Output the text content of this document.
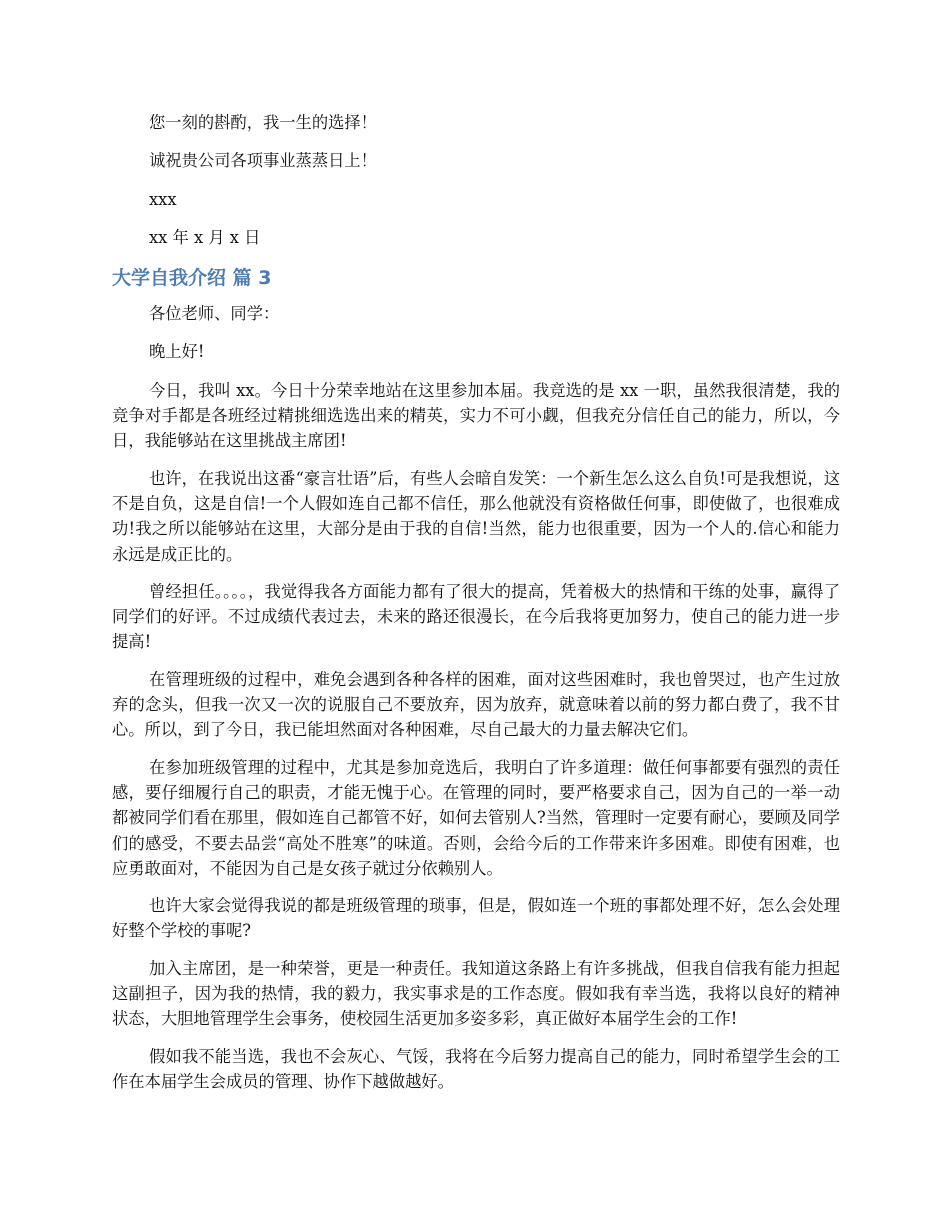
您一刻的斟酌，我一生的选择！

诚祝贵公司各项事业蒸蒸日上！

xxx

xx 年 x 月 x 日

大学自我介绍 篇 3

各位老师、同学：

晚上好!

今日，我叫 xx。今日十分荣幸地站在这里参加本届。我竞选的是 xx 一职，虽然我很清楚，我的竞争对手都是各班经过精挑细选选出来的精英，实力不可小觑，但我充分信任自己的能力，所以，今日，我能够站在这里挑战主席团!

也许，在我说出这番“豪言壮语”后，有些人会暗自发笑：一个新生怎么这么自负!可是我想说，这不是自负，这是自信!一个人假如连自己都不信任，那么他就没有资格做任何事，即使做了，也很难成功!我之所以能够站在这里，大部分是由于我的自信!当然，能力也很重要，因为一个人的.信心和能力永远是成正比的。

曾经担任。。。。，我觉得我各方面能力都有了很大的提高，凭着极大的热情和干练的处事，赢得了同学们的好评。不过成绩代表过去，未来的路还很漫长，在今后我将更加努力，使自己的能力进一步提高!

在管理班级的过程中，难免会遇到各种各样的困难，面对这些困难时，我也曾哭过，也产生过放弃的念头，但我一次又一次的说服自己不要放弃，因为放弃，就意味着以前的努力都白费了，我不甘心。所以，到了今日，我已能坦然面对各种困难，尽自己最大的力量去解决它们。

在参加班级管理的过程中，尤其是参加竞选后，我明白了许多道理：做任何事都要有强烈的责任感，要仔细履行自己的职责，才能无愧于心。在管理的同时，要严格要求自己，因为自己的一举一动都被同学们看在那里，假如连自己都管不好，如何去管别人?当然，管理时一定要有耐心，要顾及同学们的感受，不要去品尝“高处不胜寒”的味道。否则，会给今后的工作带来许多困难。即使有困难，也应勇敢面对，不能因为自己是女孩子就过分依赖别人。

也许大家会觉得我说的都是班级管理的琐事，但是，假如连一个班的事都处理不好，怎么会处理好整个学校的事呢?

加入主席团，是一种荣誉，更是一种责任。我知道这条路上有许多挑战，但我自信我有能力担起这副担子，因为我的热情，我的毅力，我实事求是的工作态度。假如我有幸当选，我将以良好的精神状态，大胆地管理学生会事务，使校园生活更加多姿多彩，真正做好本届学生会的工作!

假如我不能当选，我也不会灰心、气馁，我将在今后努力提高自己的能力，同时希望学生会的工作在本届学生会成员的管理、协作下越做越好。
